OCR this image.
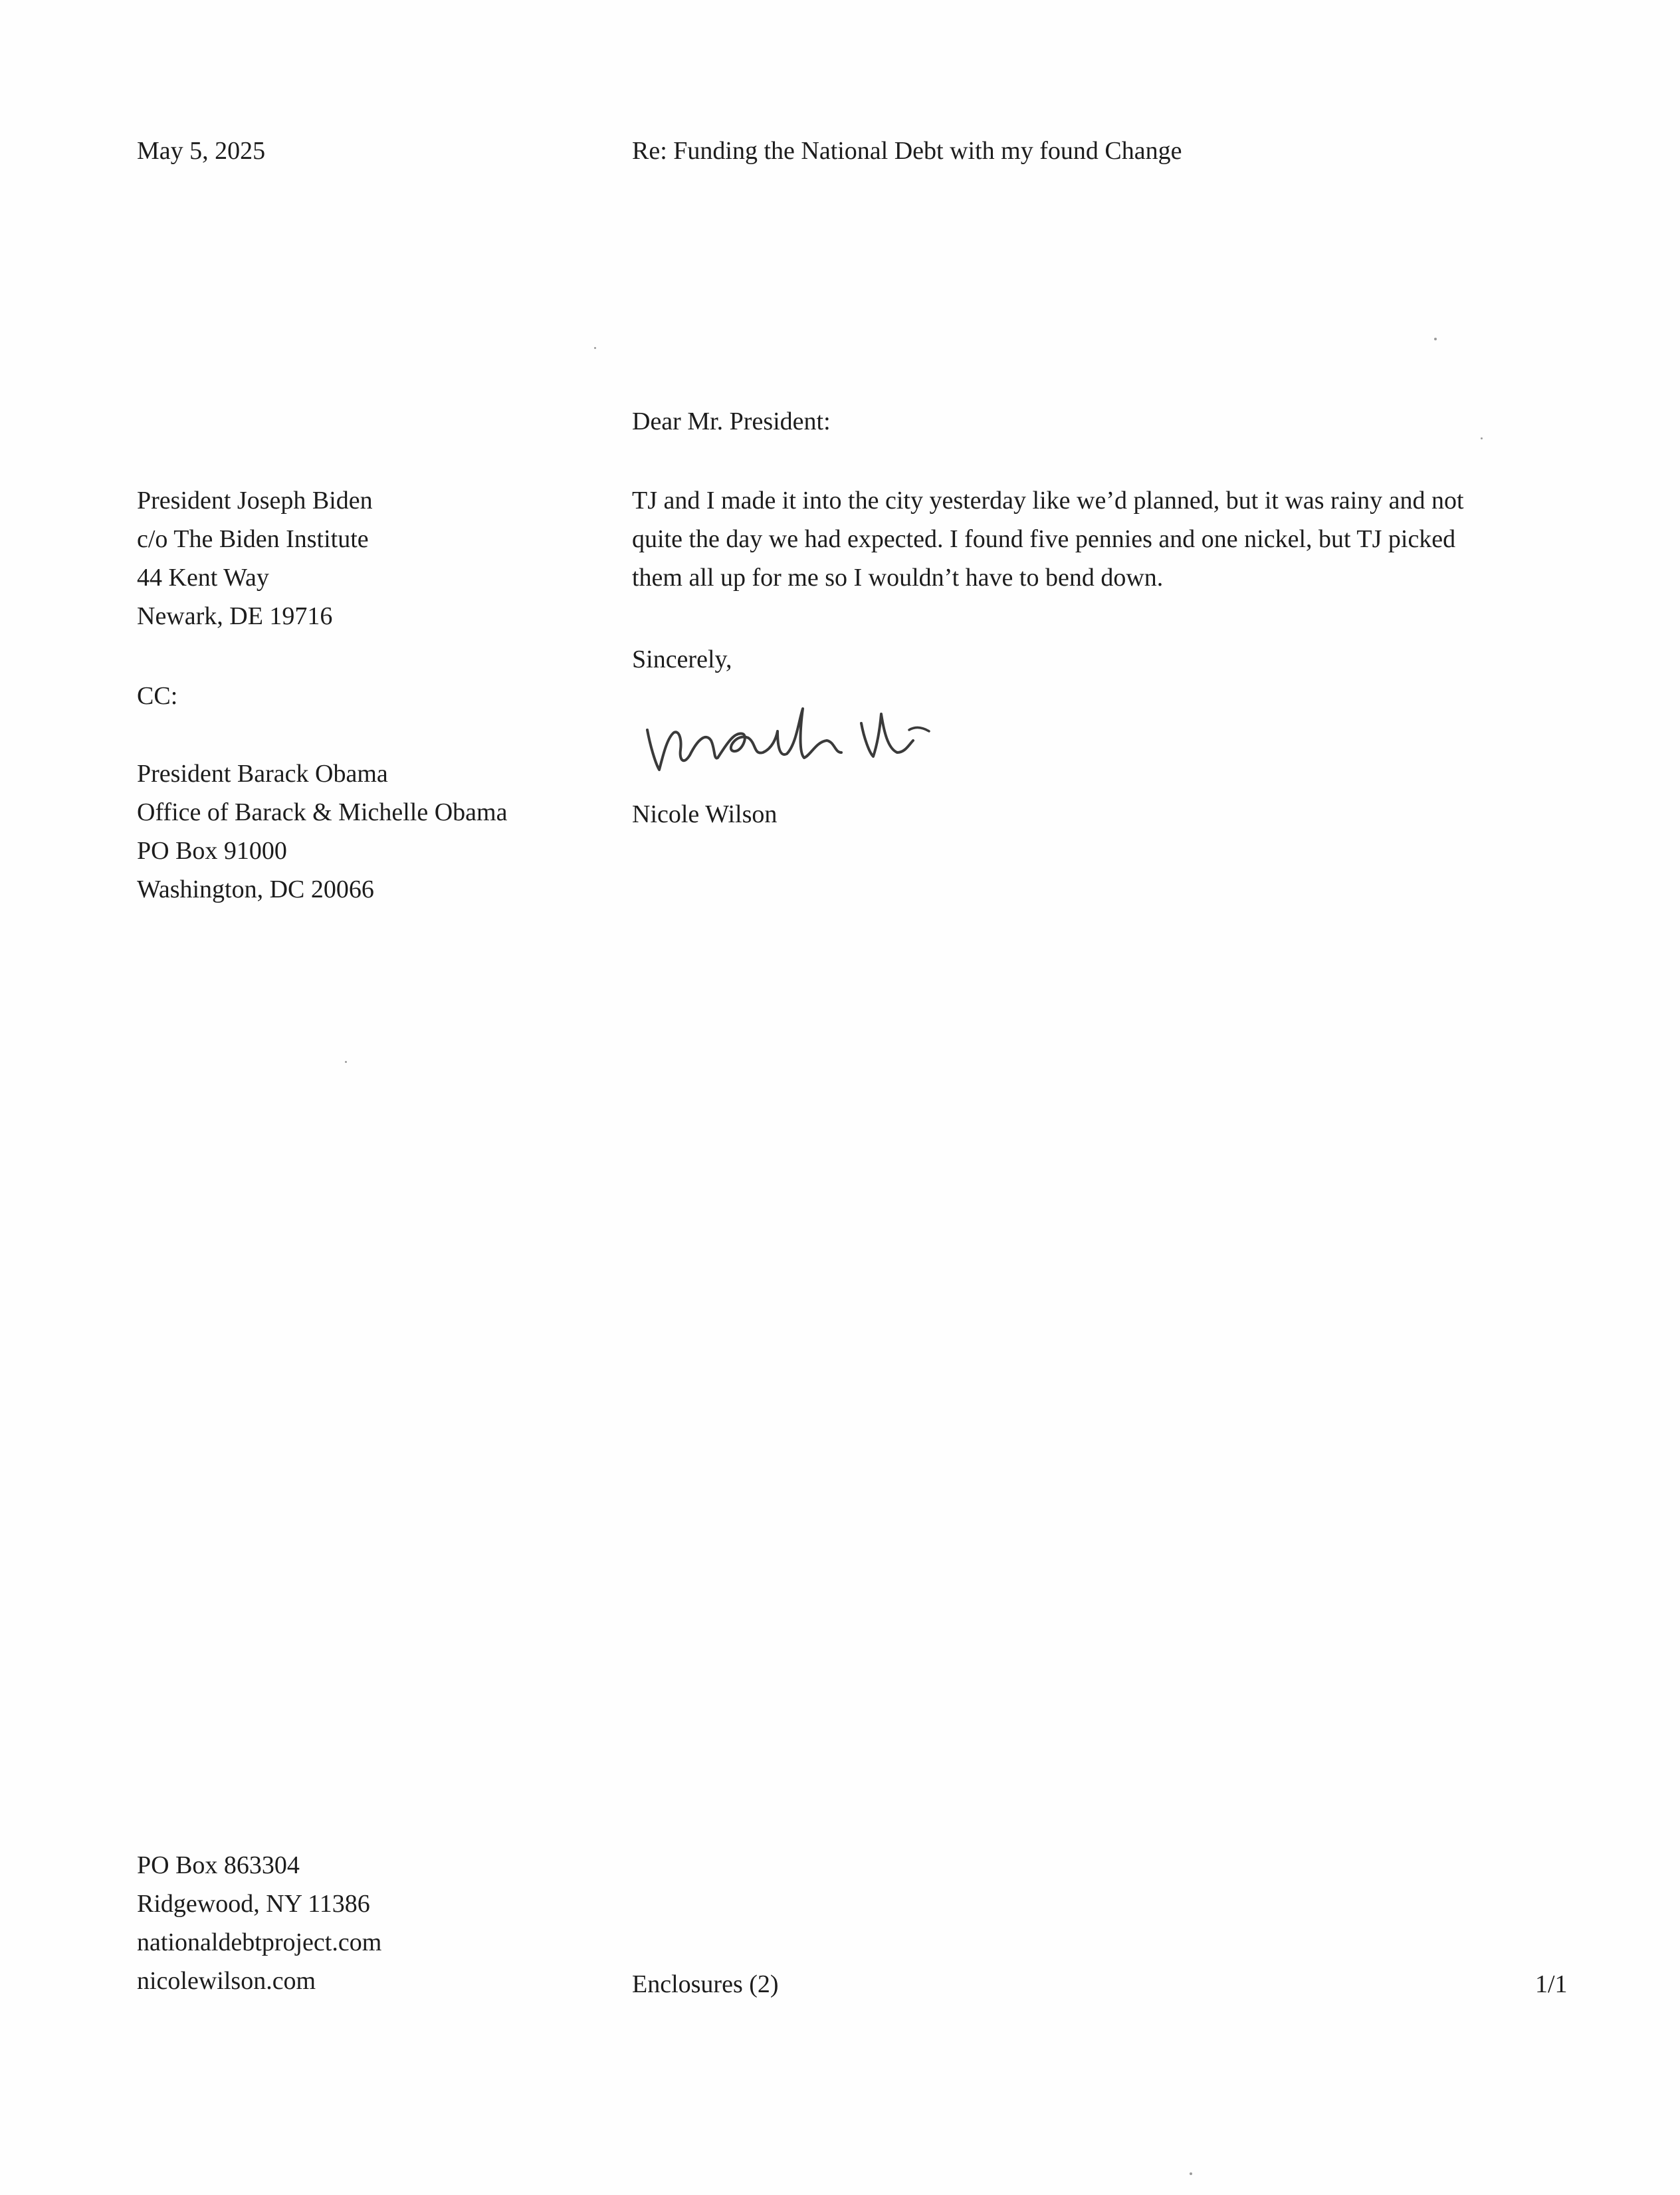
May 5, 2025	Re: Funding the National Debt with my found Change
Dear Mr. President:
President Joseph Biden
c/o The Biden Institute
44 Kent Way
Newark, DE 19716
CC:
President Barack Obama
Office of Barack & Michelle Obama
PO Box 91000
Washington, DC 20066
TJ and I made it into the city yesterday like we’d planned, but it was rainy and not
quite the day we had expected. I found five pennies and one nickel, but TJ picked
them all up for me so I wouldn’t have to bend down.
Sincerely,
Nicole Wilson
PO Box 863304
Ridgewood, NY 11386
nationaldebtproject.com
nicolewilson.com	Enclosures (2)	1/1
